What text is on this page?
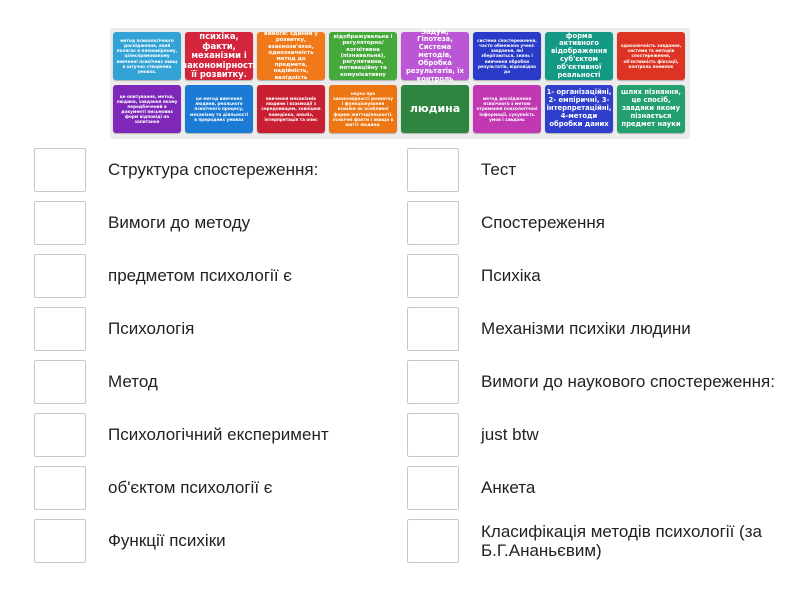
метод психологічного дослідження, який полягає в планомірному, цілеспрямованому вивченні психічних явищ в штучно створених умовах.
психіка, факти, механізми і закономірності її розвитку.
вимоги: єдиний у розвитку, взаємозв'язок, однозначність метод до предмета, надійність, валідність
відображувальна і регуляторно/когнітивна (пізнавальна), регулятивна, мотиваційну та комунікативну
Задум, Гіпотеза, Система методів, Обробка результатів, їх контроль
система спостереження, часто обмежена учені: завдання, які зберігаються, знань і вивчення обробки результатів, відповідно до
форма активного відображення суб'єктом об'єктивної реальності
однозначність завдання, системи та методів спостереження, об'єктивність фіксації, контроль помилок
це опитування, метод, людина, завдання якому передбачений в документі письмових форм відповіді на запитання
це метод вивчення людини, реального психічного процесу, механізму та діяльності в природних умовах
вивчення механізмів людини і взаємодії з середовищем, зовнішня поведінка, аналіз, інтерпретація та опис
наука про закономірності розвитку і функціонування психіки як особливої форми життєдіяльності. психічні факти і явища в житті людини.
людина
метод дослідження психічного з метою отримання психологічної інформації, сукупність умов і завдань
1- організаційні, 2- емпіричні, 3-інтерпретаційні, 4-методи обробки даних
шлях пізнання, це спосіб, завдяки якому пізнається предмет науки
Структура спостереження:
Вимоги до методу
предметом психології є
Психологія
Метод
Психологічний експеримент
об'єктом психології є
Функції психіки
Тест
Спостереження
Психіка
Механізми психіки людини
Вимоги до наукового спостереження:
just btw
Анкета
Класифікація методів психології (за Б.Г.Ананьєвим)
